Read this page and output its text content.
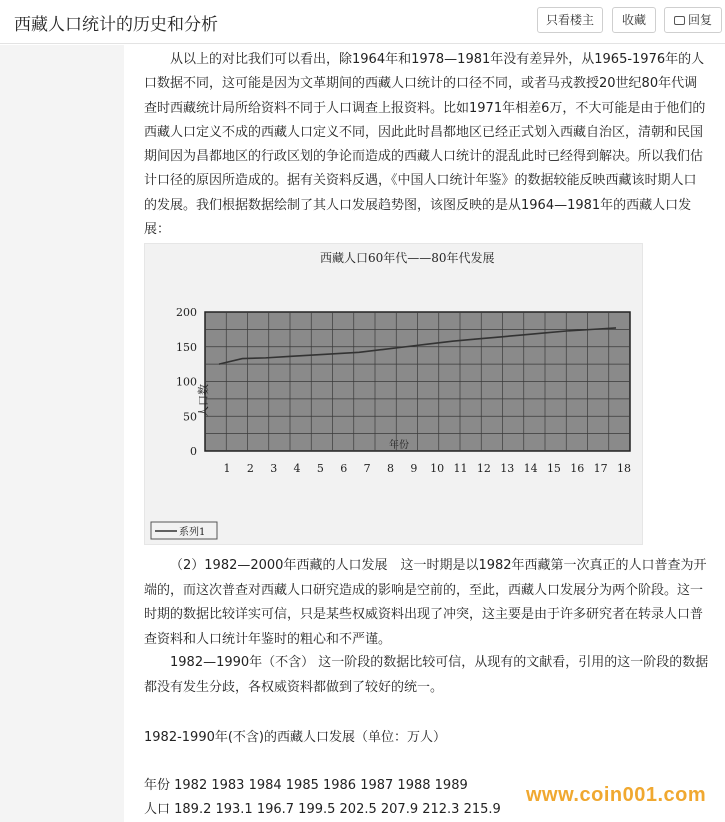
西藏人口统计的历史和分析	只看楼主	收藏	回复

从以上的对比我们可以看出，除1964年和1978—1981年没有差异外，从1965-1976年的人口数据不同，这可能是因为文革期间的西藏人口统计的口径不同，或者马戎教授20世纪80年代调查时西藏统计局所给资料不同于人口调查上报资料。比如1971年相差6万，不大可能是由于他们的西藏人口定义不成的西藏人口定义不同，因此此时昌都地区已经正式划入西藏自治区，清朝和民国期间因为昌都地区的行政区划的争论而造成的西藏人口统计的混乱此时已经得到解决。所以我们估计口径的原因所造成的。据有关资料反遇，《中国人口统计年鉴》的数据较能反映西藏该时期人口的发展。我们根据数据绘制了其人口发展趋势图，该图反映的是从1964—1981年的西藏人口发展：

西藏人口60年代——80年代发展
0
50
100
150
200
1 2 3 4 5 6 7 8 9 10 11 12 13 14 15 16 17 18
人口数
年份
系列1

（2）1982—2000年西藏的人口发展　这一时期是以1982年西藏第一次真正的人口普查为开端的，而这次普查对西藏人口研究造成的影响是空前的，至此，西藏人口发展分为两个阶段。这一时期的数据比较详实可信，只是某些权威资料出现了冲突，这主要是由于许多研究者在转录人口普查资料和人口统计年鉴时的粗心和不严谨。

1982—1990年（不含） 这一阶段的数据比较可信，从现有的文献看，引用的这一阶段的数据都没有发生分歧，各权威资料都做到了较好的统一。

1982-1990年(不含)的西藏人口发展（单位：万人）
年份 1982 1983 1984 1985 1986 1987 1988 1989
人口 189.2 193.1 196.7 199.5 202.5 207.9 212.3 215.9
www.coin001.com
